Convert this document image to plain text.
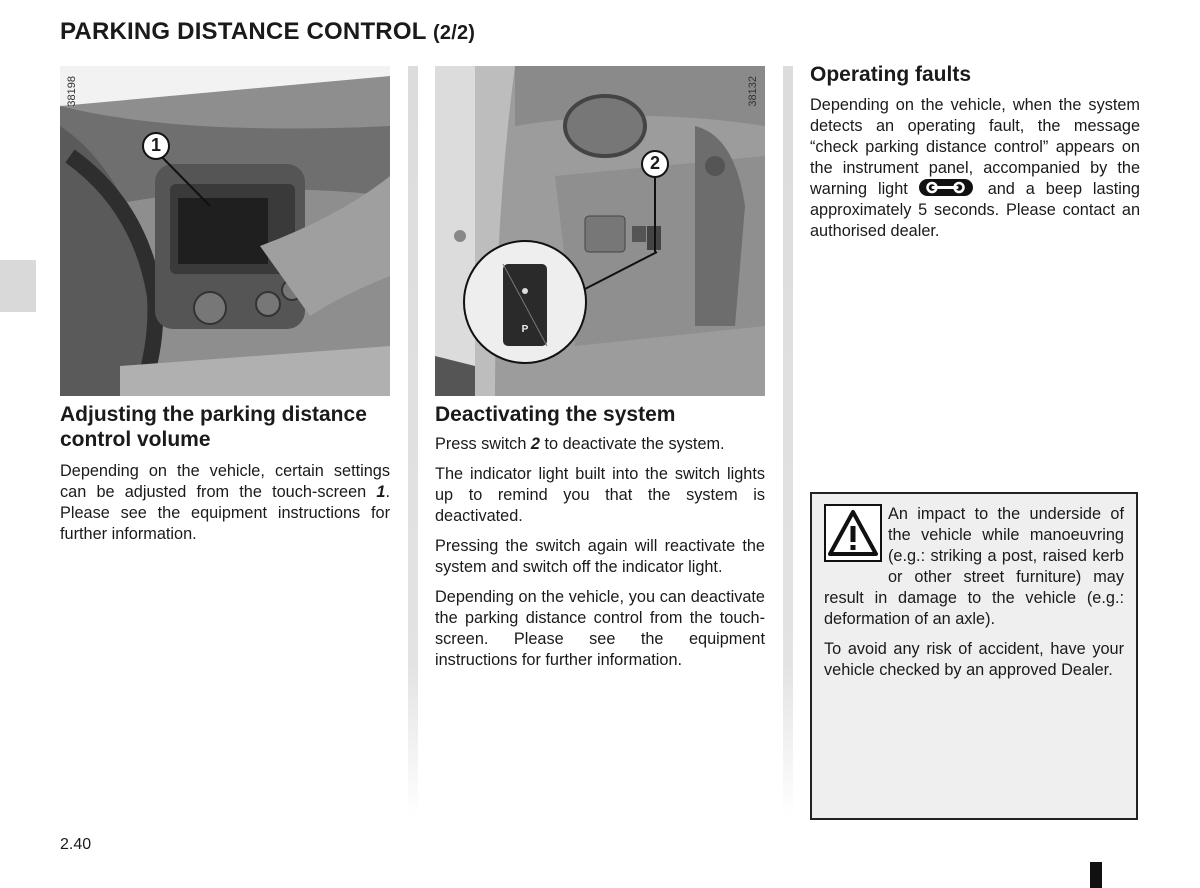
PARKING DISTANCE CONTROL (2/2)
1
38198
2
P
38132
Adjusting the parking distance control volume

Depending on the vehicle, certain settings can be adjusted from the touch-screen 1. Please see the equipment instructions for further information.

Deactivating the system

Press switch 2 to deactivate the system.

The indicator light built into the switch lights up to remind you that the system is deactivated.

Pressing the switch again will reactivate the system and switch off the indicator light.

Depending on the vehicle, you can deactivate the parking distance control from the touch-screen. Please see the equipment instructions for further information.

Operating faults

Depending on the vehicle, when the system detects an operating fault, the message “check parking distance control” appears on the instrument panel, accompanied by the warning light	and a beep lasting approximately 5 seconds. Please contact an authorised dealer.

An impact to the underside of the vehicle while manoeuvring (e.g.: striking a post, raised kerb or other street furniture) may result in damage to the vehicle (e.g.: deformation of an axle).

To avoid any risk of accident, have your vehicle checked by an approved Dealer.

2.40
